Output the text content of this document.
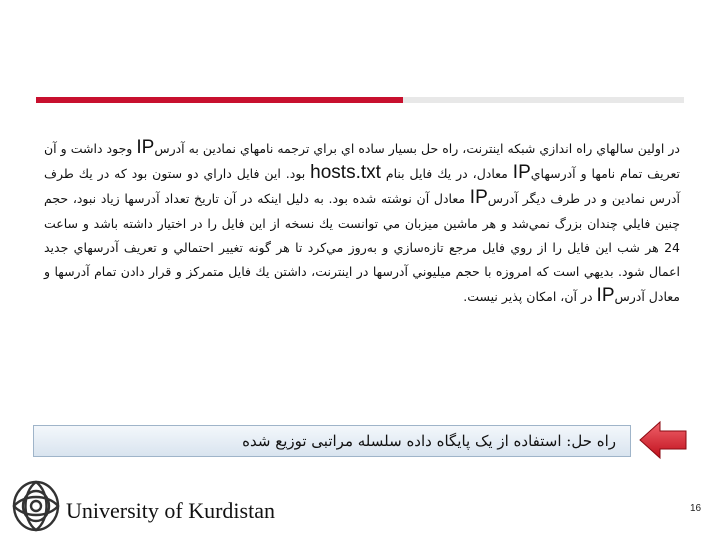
در اولين سالهاي راه اندازي شبكه اينترنت، راه حل بسيار ساده اي براي ترجمه نامهاي نمادين به آدرسIP وجود داشت و آن تعريف تمام نامها و آدرسهايIP معادل، در يك فايل بنام hosts.txt بود. اين فايل داراي دو ستون بود كه در يك طرف آدرس نمادين و در طرف ديگر آدرسIP معادل آن نوشته شده بود. به دليل اينكه در آن تاريخ تعداد آدرسها زياد نبود، حجم چنين فايلي چندان بزرگ نمي‌شد و هر ماشين ميزبان مي توانست يك نسخه از اين فايل را در اختيار داشته باشد و ساعت 24 هر شب اين فايل را از روي فايل مرجع تازه‌سازي و به‌روز مي‌كرد تا هر گونه تغيير احتمالي و تعريف آدرسهاي جديد اعمال شود. بديهي است كه امروزه با حجم ميليوني آدرسها در اينترنت، داشتن يك فايل متمركز و قرار دادن تمام آدرسها و معادل آدرسIP در آن، امكان پذير نيست.
راه حل: استفاده از یک پایگاه داده سلسله مراتبی توزیع شده
University of Kurdistan	16
